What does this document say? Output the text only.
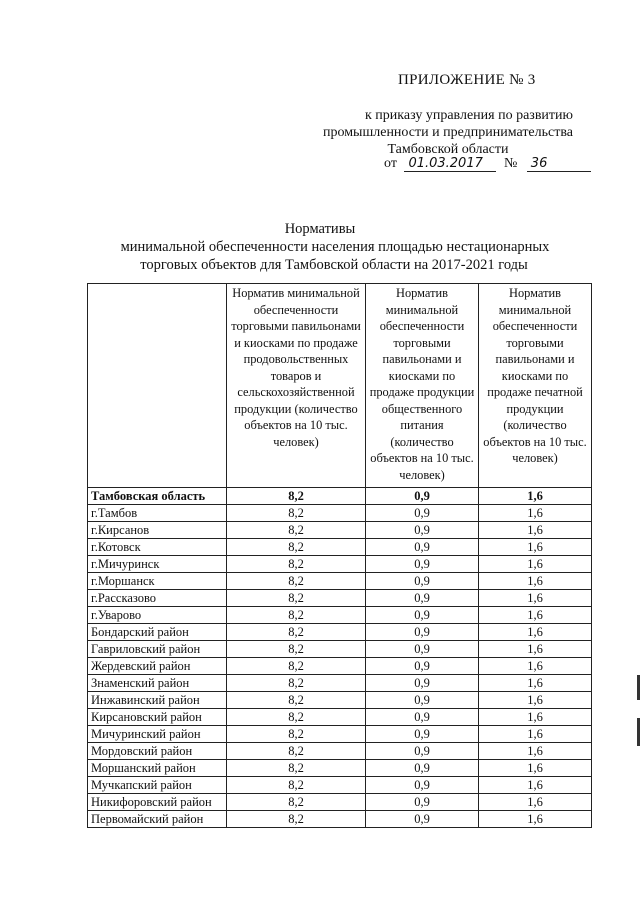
ПРИЛОЖЕНИЕ № 3
к приказу управления по развитию
промышленности и предпринимательства

Тамбовской области
от 01.03.2017 № 36
Нормативы
минимальной обеспеченности населения площадью нестационарных
торговых объектов для Тамбовской области на 2017-2021 годы
	Норматив минимальной обеспеченности торговыми павильонами и киосками по продаже продовольственных товаров и сельскохозяйственной продукции (количество объектов на 10 тыс. человек)	Норматив минимальной обеспеченности торговыми павильонами и киосками по продаже продукции общественного питания (количество объектов на 10 тыс. человек)	Норматив минимальной обеспеченности торговыми павильонами и киосками по продаже печатной продукции (количество объектов на 10 тыс. человек)
Тамбовская область	8,2	0,9	1,6
г.Тамбов	8,2	0,9	1,6
г.Кирсанов	8,2	0,9	1,6
г.Котовск	8,2	0,9	1,6
г.Мичуринск	8,2	0,9	1,6
г.Моршанск	8,2	0,9	1,6
г.Рассказово	8,2	0,9	1,6
г.Уварово	8,2	0,9	1,6
Бондарский район	8,2	0,9	1,6
Гавриловский район	8,2	0,9	1,6
Жердевский район	8,2	0,9	1,6
Знаменский район	8,2	0,9	1,6
Инжавинский район	8,2	0,9	1,6
Кирсановский район	8,2	0,9	1,6
Мичуринский район	8,2	0,9	1,6
Мордовский район	8,2	0,9	1,6
Моршанский район	8,2	0,9	1,6
Мучкапский район	8,2	0,9	1,6
Никифоровский район	8,2	0,9	1,6
Первомайский район	8,2	0,9	1,6
